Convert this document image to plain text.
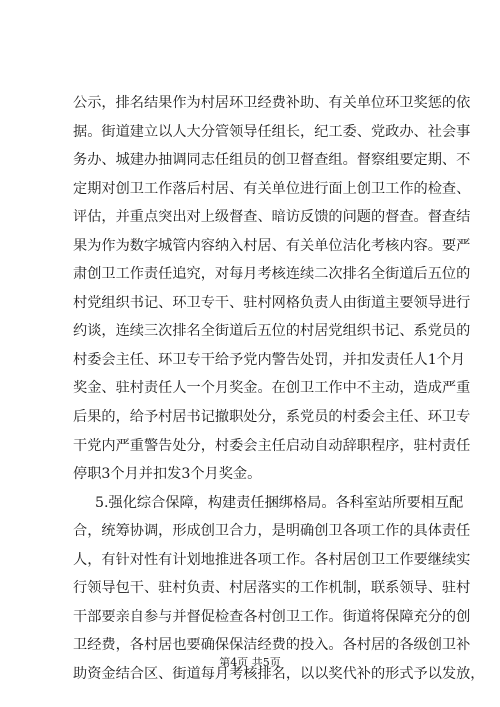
公示，排名结果作为村居环卫经费补助、有关单位环卫奖惩的依
据。街道建立以人大分管领导任组长，纪工委、党政办、社会事
务办、城建办抽调同志任组员的创卫督查组。督察组要定期、不
定期对创卫工作落后村居、有关单位进行面上创卫工作的检查、
评估，并重点突出对上级督查、暗访反馈的问题的督查。督查结
果为作为数字城管内容纳入村居、有关单位洁化考核内容。要严
肃创卫工作责任追究，对每月考核连续二次排名全街道后五位的
村党组织书记、环卫专干、驻村网格负责人由街道主要领导进行
约谈，连续三次排名全街道后五位的村居党组织书记、系党员的
村委会主任、环卫专干给予党内警告处罚，并扣发责任人1个月
奖金、驻村责任人一个月奖金。在创卫工作中不主动，造成严重
后果的，给予村居书记撤职处分，系党员的村委会主任、环卫专
干党内严重警告处分，村委会主任启动自动辞职程序，驻村责任
停职3个月并扣发3个月奖金。
5.强化综合保障，构建责任捆绑格局。各科室站所要相互配
合，统筹协调，形成创卫合力，是明确创卫各项工作的具体责任
人，有针对性有计划地推进各项工作。各村居创卫工作要继续实
行领导包干、驻村负责、村居落实的工作机制，联系领导、驻村
干部要亲自参与并督促检查各村创卫工作。街道将保障充分的创
卫经费，各村居也要确保保洁经费的投入。各村居的各级创卫补
助资金结合区、街道每月考核排名，以以奖代补的形式予以发放，
第4页 共5页
